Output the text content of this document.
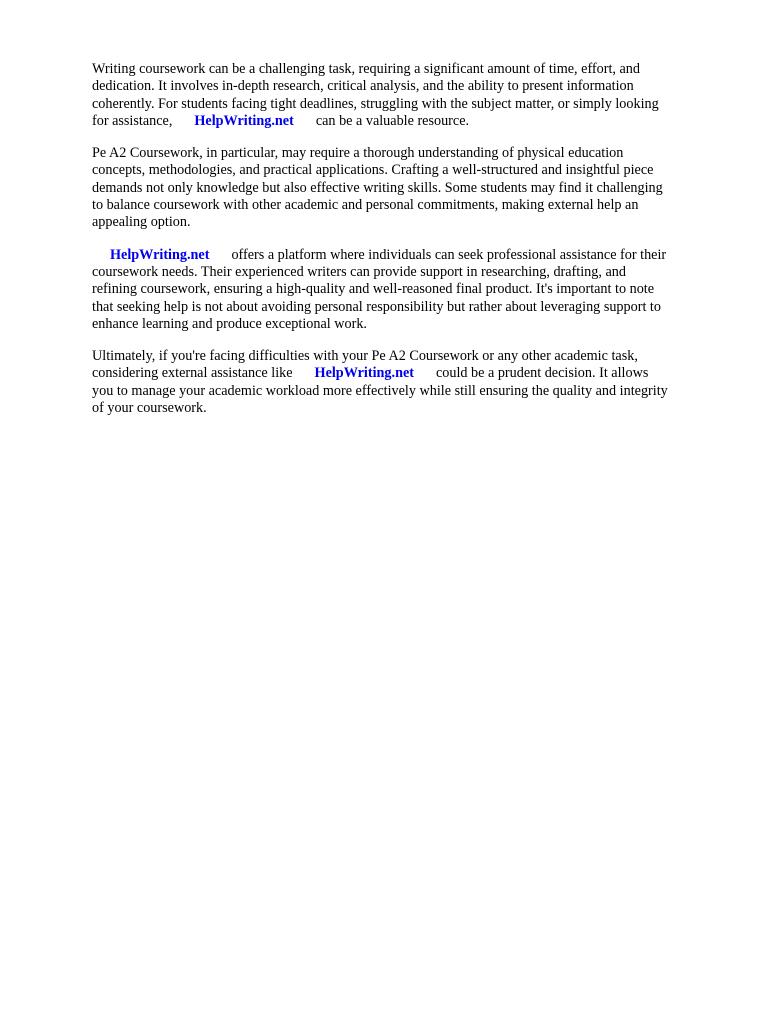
Writing coursework can be a challenging task, requiring a significant amount of time, effort, and
dedication. It involves in-depth research, critical analysis, and the ability to present information
coherently. For students facing tight deadlines, struggling with the subject matter, or simply looking
for assistance, HelpWriting.net can be a valuable resource.

Pe A2 Coursework, in particular, may require a thorough understanding of physical education
concepts, methodologies, and practical applications. Crafting a well-structured and insightful piece
demands not only knowledge but also effective writing skills. Some students may find it challenging
to balance coursework with other academic and personal commitments, making external help an
appealing option.

HelpWriting.net offers a platform where individuals can seek professional assistance for their
coursework needs. Their experienced writers can provide support in researching, drafting, and
refining coursework, ensuring a high-quality and well-reasoned final product. It's important to note
that seeking help is not about avoiding personal responsibility but rather about leveraging support to
enhance learning and produce exceptional work.

Ultimately, if you're facing difficulties with your Pe A2 Coursework or any other academic task,
considering external assistance like HelpWriting.net could be a prudent decision. It allows
you to manage your academic workload more effectively while still ensuring the quality and integrity
of your coursework.
